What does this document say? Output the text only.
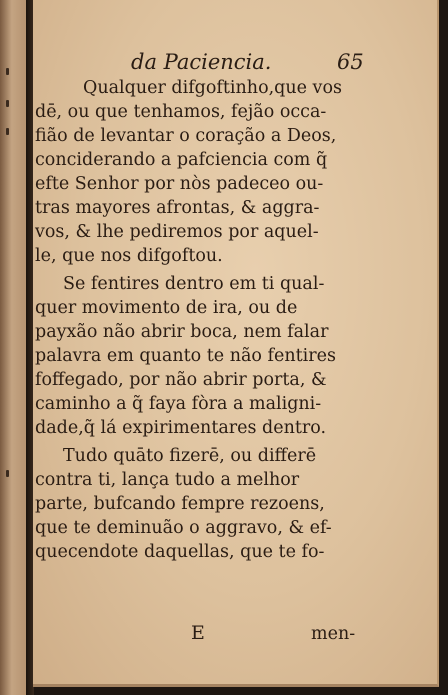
da Paciencia.	65
Qualquer difgoftinho,que vos
dē, ou que tenhamos, fejão occa-
fião de levantar o coração a Deos,
conciderando a pafciencia com q̃
efte Senhor por nòs padeceo ou-
tras mayores afrontas, & aggra-
vos, & lhe pediremos por aquel-
le, que nos difgoftou.
Se fentires dentro em ti qual-
quer movimento de ira, ou de
payxão não abrir boca, nem falar
palavra em quanto te não fentires
foffegado, por não abrir porta, &
caminho a q̃ faya fòra a maligni-
dade,q̃ lá expirimentares dentro.
Tudo quāto fizerē, ou differē
contra ti, lança tudo a melhor
parte, bufcando fempre rezoens,
que te deminuão o aggravo, & ef-
quecendote daquellas, que te fo-
E	men-
